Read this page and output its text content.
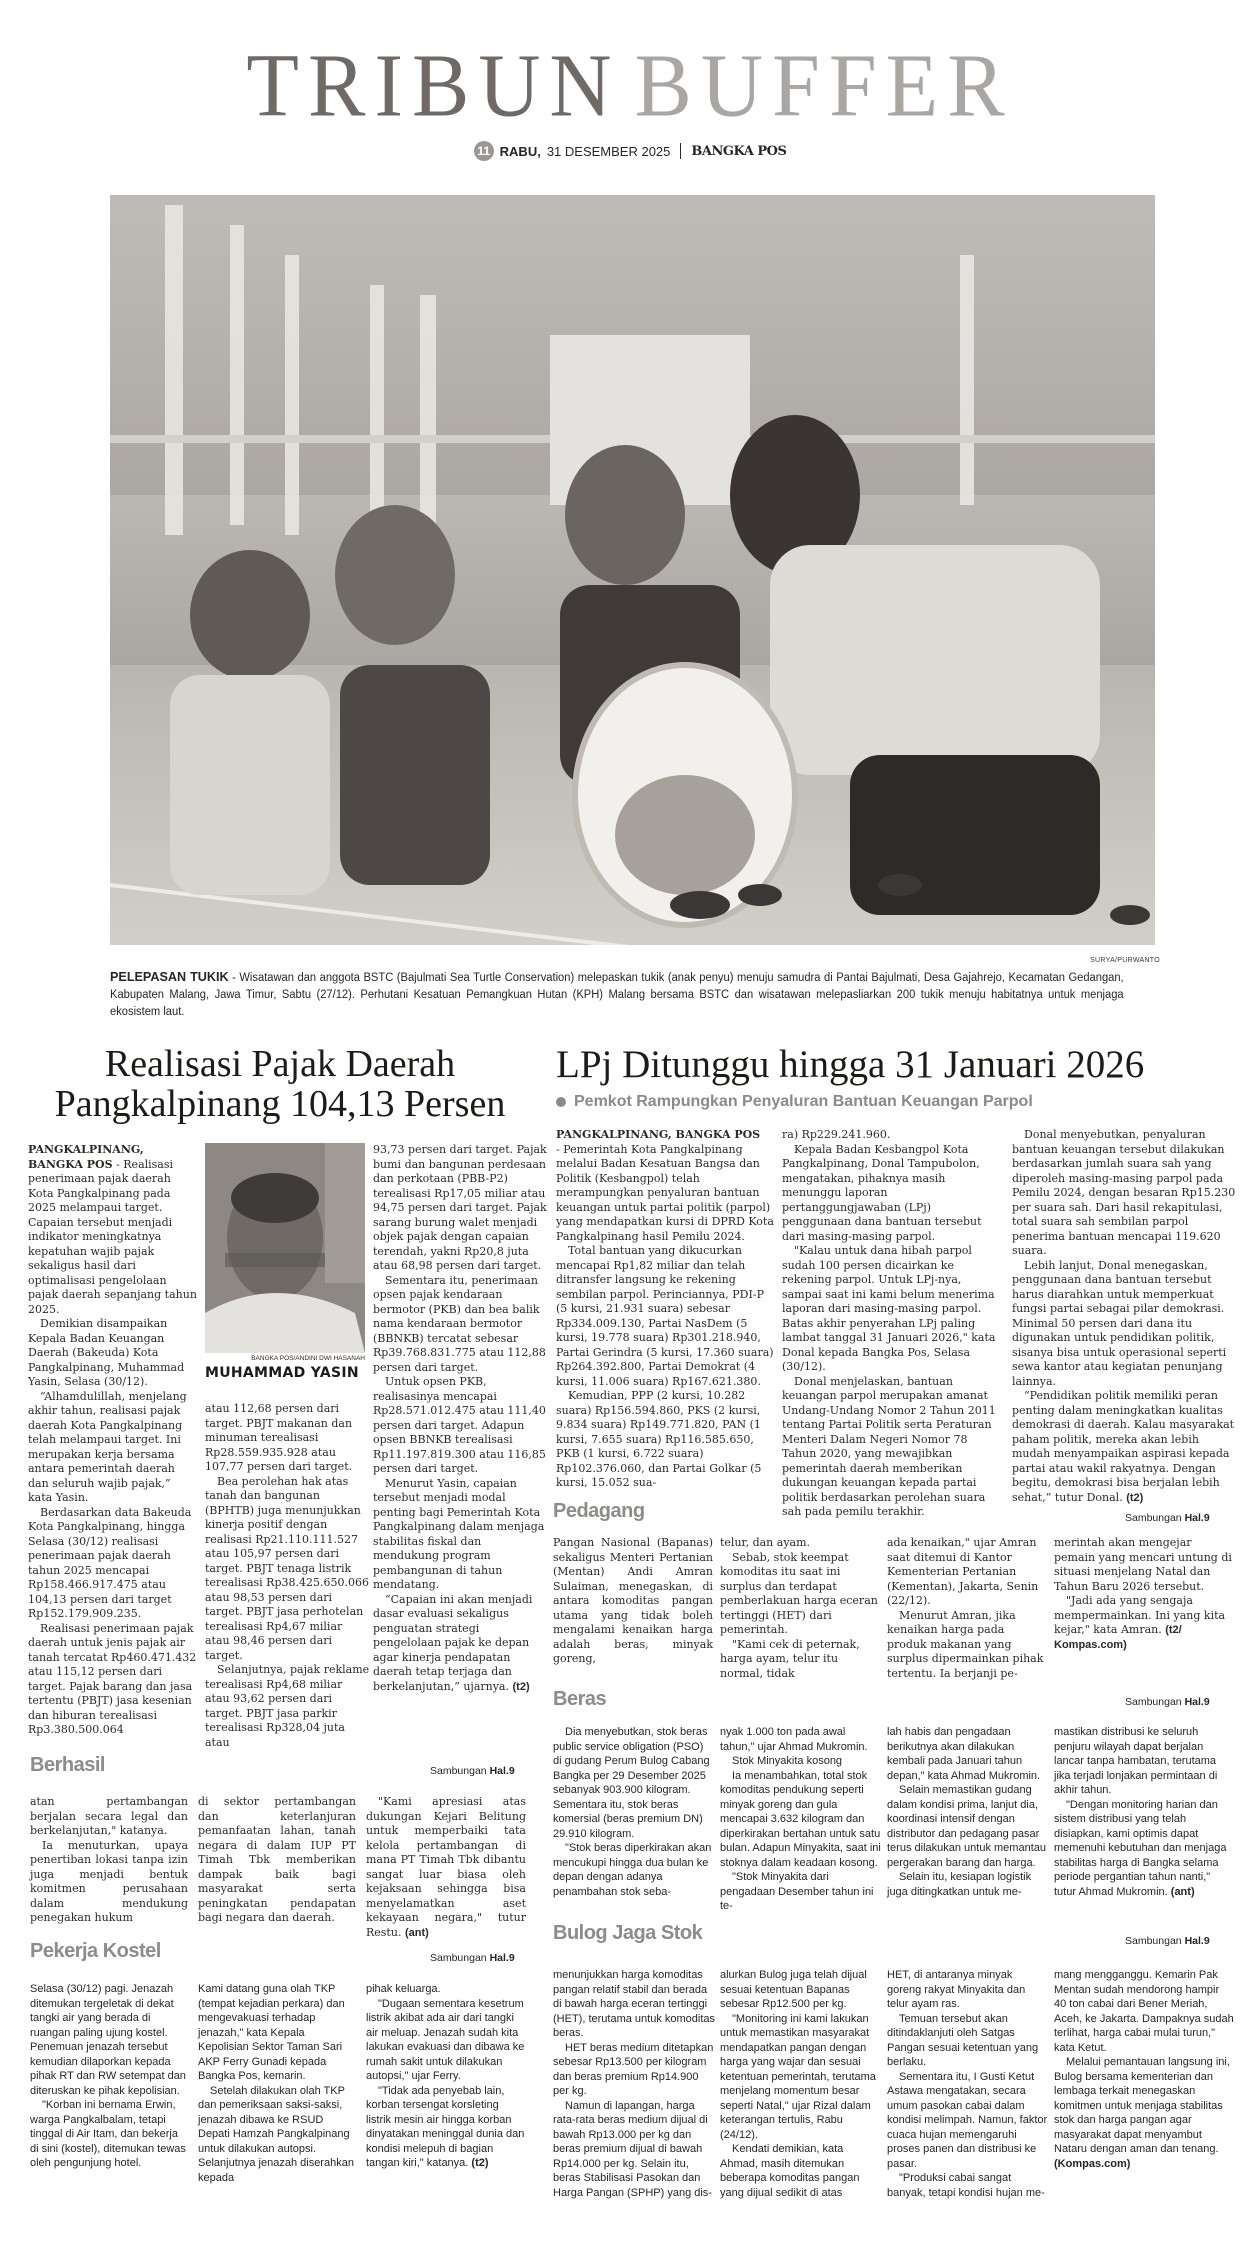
TRIBUN BUFFER
11 RABU, 31 DESEMBER 2025 BANGKA POS
SURYA/PURWANTO
PELEPASAN TUKIK - Wisatawan dan anggota BSTC (Bajulmati Sea Turtle Conservation) melepaskan tukik (anak penyu) menuju samudra di Pantai Bajulmati, Desa Gajahrejo, Kecamatan Gedangan, Kabupaten Malang, Jawa Timur, Sabtu (27/12). Perhutani Kesatuan Pemangkuan Hutan (KPH) Malang bersama BSTC dan wisatawan melepasliarkan 200 tukik menuju habitatnya untuk menjaga ekosistem laut.
Realisasi Pajak Daerah
Pangkalpinang 104,13 Persen

PANGKALPINANG, BANGKA POS - Realisasi penerimaan pajak daerah Kota Pangkalpinang pada 2025 melampaui target. Capaian tersebut menjadi indikator meningkatnya kepatuhan wajib pajak sekaligus hasil dari optimalisasi pengelolaan pajak daerah sepanjang tahun 2025.

Demikian disampaikan Kepala Badan Keuangan Daerah (Bakeuda) Kota Pangkalpinang, Muhammad Yasin, Selasa (30/12).

“Alhamdulillah, menjelang akhir tahun, realisasi pajak daerah Kota Pangkalpinang telah melampaui target. Ini merupakan kerja bersama antara pemerintah daerah dan seluruh wajib pajak,” kata Yasin.

Berdasarkan data Bakeuda Kota Pangkalpinang, hingga Selasa (30/12) realisasi penerimaan pajak daerah tahun 2025 mencapai Rp158.466.917.475 atau 104,13 persen dari target Rp152.179.909.235.

Realisasi penerimaan pajak daerah untuk jenis pajak air tanah tercatat Rp460.471.432 atau 115,12 persen dari target. Pajak barang dan jasa tertentu (PBJT) jasa kesenian dan hiburan terealisasi Rp3.380.500.064

BANGKA POS/ANDINI DWI HASANAH
MUHAMMAD YASIN

atau 112,68 persen dari target. PBJT makanan dan minuman terealisasi Rp28.559.935.928 atau 107,77 persen dari target.

Bea perolehan hak atas tanah dan bangunan (BPHTB) juga menunjukkan kinerja positif dengan realisasi Rp21.110.111.527 atau 105,97 persen dari target. PBJT tenaga listrik terealisasi Rp38.425.650.066 atau 98,53 persen dari target. PBJT jasa perhotelan terealisasi Rp4,67 miliar atau 98,46 persen dari target.

Selanjutnya, pajak reklame terealisasi Rp4,68 miliar atau 93,62 persen dari target. PBJT jasa parkir terealisasi Rp328,04 juta atau

93,73 persen dari target. Pajak bumi dan bangunan perdesaan dan perkotaan (PBB-P2) terealisasi Rp17,05 miliar atau 94,75 persen dari target. Pajak sarang burung walet menjadi objek pajak dengan capaian terendah, yakni Rp20,8 juta atau 68,98 persen dari target.

Sementara itu, penerimaan opsen pajak kendaraan bermotor (PKB) dan bea balik nama kendaraan bermotor (BBNKB) tercatat sebesar Rp39.768.831.775 atau 112,88 persen dari target.

Untuk opsen PKB, realisasinya mencapai Rp28.571.012.475 atau 111,40 persen dari target. Adapun opsen BBNKB terealisasi Rp11.197.819.300 atau 116,85 persen dari target.

Menurut Yasin, capaian tersebut menjadi modal penting bagi Pemerintah Kota Pangkalpinang dalam menjaga stabilitas fiskal dan mendukung program pembangunan di tahun mendatang.

“Capaian ini akan menjadi dasar evaluasi sekaligus penguatan strategi pengelolaan pajak ke depan agar kinerja pendapatan daerah tetap terjaga dan berkelanjutan,” ujarnya. (t2)

LPj Ditunggu hingga 31 Januari 2026
Pemkot Rampungkan Penyaluran Bantuan Keuangan Parpol

PANGKALPINANG, BANGKA POS
- Pemerintah Kota Pangkalpinang melalui Badan Kesatuan Bangsa dan Politik (Kesbangpol) telah merampungkan penyaluran bantuan keuangan untuk partai politik (parpol) yang mendapatkan kursi di DPRD Kota Pangkalpinang hasil Pemilu 2024.

Total bantuan yang dikucurkan mencapai Rp1,82 miliar dan telah ditransfer langsung ke rekening sembilan parpol. Perinciannya, PDI-P (5 kursi, 21.931 suara) sebesar Rp334.009.130, Partai NasDem (5 kursi, 19.778 suara) Rp301.218.940, Partai Gerindra (5 kursi, 17.360 suara) Rp264.392.800, Partai Demokrat (4 kursi, 11.006 suara) Rp167.621.380.

Kemudian, PPP (2 kursi, 10.282 suara) Rp156.594.860, PKS (2 kursi, 9.834 suara) Rp149.771.820, PAN (1 kursi, 7.655 suara) Rp116.585.650, PKB (1 kursi, 6.722 suara) Rp102.376.060, dan Partai Golkar (5 kursi, 15.052 sua-

ra) Rp229.241.960.

Kepala Badan Kesbangpol Kota Pangkalpinang, Donal Tampubolon, mengatakan, pihaknya masih menunggu laporan pertanggungjawaban (LPj) penggunaan dana bantuan tersebut dari masing-masing parpol.

"Kalau untuk dana hibah parpol sudah 100 persen dicairkan ke rekening parpol. Untuk LPj-nya, sampai saat ini kami belum menerima laporan dari masing-masing parpol. Batas akhir penyerahan LPj paling lambat tanggal 31 Januari 2026," kata Donal kepada Bangka Pos, Selasa (30/12).

Donal menjelaskan, bantuan keuangan parpol merupakan amanat Undang-Undang Nomor 2 Tahun 2011 tentang Partai Politik serta Peraturan Menteri Dalam Negeri Nomor 78 Tahun 2020, yang mewajibkan pemerintah daerah memberikan dukungan keuangan kepada partai politik berdasarkan perolehan suara sah pada pemilu terakhir.

Donal menyebutkan, penyaluran bantuan keuangan tersebut dilakukan berdasarkan jumlah suara sah yang diperoleh masing-masing parpol pada Pemilu 2024, dengan besaran Rp15.230 per suara sah. Dari hasil rekapitulasi, total suara sah sembilan parpol penerima bantuan mencapai 119.620 suara.

Lebih lanjut, Donal menegaskan, penggunaan dana bantuan tersebut harus diarahkan untuk memperkuat fungsi partai sebagai pilar demokrasi. Minimal 50 persen dari dana itu digunakan untuk pendidikan politik, sisanya bisa untuk operasional seperti sewa kantor atau kegiatan penunjang lainnya.

“Pendidikan politik memiliki peran penting dalam meningkatkan kualitas demokrasi di daerah. Kalau masyarakat paham politik, mereka akan lebih mudah menyampaikan aspirasi kepada partai atau wakil rakyatnya. Dengan begitu, demokrasi bisa berjalan lebih sehat,” tutur Donal. (t2)

Pedagang	Sambungan Hal.9

Pangan Nasional (Bapanas) sekaligus Menteri Pertanian (Mentan) Andi Amran Sulaiman, menegaskan, di antara komoditas pangan utama yang tidak boleh mengalami kenaikan harga adalah beras, minyak goreng,

telur, dan ayam.

Sebab, stok keempat komoditas itu saat ini surplus dan terdapat pemberlakuan harga eceran tertinggi (HET) dari pemerintah.

"Kami cek di peternak, harga ayam, telur itu normal, tidak

ada kenaikan," ujar Amran saat ditemui di Kantor Kementerian Pertanian (Kementan), Jakarta, Senin (22/12).

Menurut Amran, jika kenaikan harga pada produk makanan yang surplus dipermainkan pihak tertentu. Ia berjanji pe-

merintah akan mengejar pemain yang mencari untung di situasi menjelang Natal dan Tahun Baru 2026 tersebut.

"Jadi ada yang sengaja mempermainkan. Ini yang kita kejar," kata Amran. (t2/ Kompas.com)

Beras	Sambungan Hal.9

Dia menyebutkan, stok beras public service obligation (PSO) di gudang Perum Bulog Cabang Bangka per 29 Desember 2025 sebanyak 903.900 kilogram. Sementara itu, stok beras komersial (beras premium DN) 29.910 kilogram.

"Stok beras diperkirakan akan mencukupi hingga dua bulan ke depan dengan adanya penambahan stok seba-

nyak 1.000 ton pada awal tahun," ujar Ahmad Mukromin.

Stok Minyakita kosong

Ia menambahkan, total stok komoditas pendukung seperti minyak goreng dan gula mencapai 3.632 kilogram dan diperkirakan bertahan untuk satu bulan. Adapun Minyakita, saat ini stoknya dalam keadaan kosong.

"Stok Minyakita dari pengadaan Desember tahun ini te-

lah habis dan pengadaan berikutnya akan dilakukan kembali pada Januari tahun depan," kata Ahmad Mukromin.

Selain memastikan gudang dalam kondisi prima, lanjut dia, koordinasi intensif dengan distributor dan pedagang pasar terus dilakukan untuk memantau pergerakan barang dan harga.

Selain itu, kesiapan logistik juga ditingkatkan untuk me-

mastikan distribusi ke seluruh penjuru wilayah dapat berjalan lancar tanpa hambatan, terutama jika terjadi lonjakan permintaan di akhir tahun.

"Dengan monitoring harian dan sistem distribusi yang telah disiapkan, kami optimis dapat memenuhi kebutuhan dan menjaga stabilitas harga di Bangka selama periode pergantian tahun nanti," tutur Ahmad Mukromin. (ant)

Berhasil	Sambungan Hal.9

atan pertambangan berjalan secara legal dan berkelanjutan," katanya.

Ia menuturkan, upaya penertiban lokasi tanpa izin juga menjadi bentuk komitmen perusahaan dalam mendukung penegakan hukum

di sektor pertambangan dan keterlanjuran pemanfaatan lahan, tanah negara di dalam IUP PT Timah Tbk memberikan dampak baik bagi masyarakat serta peningkatan pendapatan bagi negara dan daerah.

"Kami apresiasi atas dukungan Kejari Belitung untuk memperbaiki tata kelola pertambangan di mana PT Timah Tbk dibantu sangat luar biasa oleh kejaksaan sehingga bisa menyelamatkan aset kekayaan negara," tutur Restu. (ant)

Pekerja Kostel	Sambungan Hal.9

Selasa (30/12) pagi. Jenazah ditemukan tergeletak di dekat tangki air yang berada di ruangan paling ujung kostel. Penemuan jenazah tersebut kemudian dilaporkan kepada pihak RT dan RW setempat dan diteruskan ke pihak kepolisian.

"Korban ini bernama Erwin, warga Pangkalbalam, tetapi tinggal di Air Itam, dan bekerja di sini (kostel), ditemukan tewas oleh pengunjung hotel.

Kami datang guna olah TKP (tempat kejadian perkara) dan mengevakuasi terhadap jenazah," kata Kepala Kepolisian Sektor Taman Sari AKP Ferry Gunadi kepada Bangka Pos, kemarin.

Setelah dilakukan olah TKP dan pemeriksaan saksi-saksi, jenazah dibawa ke RSUD Depati Hamzah Pangkalpinang untuk dilakukan autopsi. Selanjutnya jenazah diserahkan kepada

pihak keluarga.

"Dugaan sementara kesetrum listrik akibat ada air dari tangki air meluap. Jenazah sudah kita lakukan evakuasi dan dibawa ke rumah sakit untuk dilakukan autopsi," ujar Ferry.

"Tidak ada penyebab lain, korban tersengat korsleting listrik mesin air hingga korban dinyatakan meninggal dunia dan kondisi melepuh di bagian tangan kiri," katanya. (t2)

Bulog Jaga Stok	Sambungan Hal.9

menunjukkan harga komoditas pangan relatif stabil dan berada di bawah harga eceran tertinggi (HET), terutama untuk komoditas beras.

HET beras medium ditetapkan sebesar Rp13.500 per kilogram dan beras premium Rp14.900 per kg.

Namun di lapangan, harga rata-rata beras medium dijual di bawah Rp13.000 per kg dan beras premium dijual di bawah Rp14.000 per kg. Selain itu, beras Stabilisasi Pasokan dan Harga Pangan (SPHP) yang dis-

alurkan Bulog juga telah dijual sesuai ketentuan Bapanas sebesar Rp12.500 per kg.

"Monitoring ini kami lakukan untuk memastikan masyarakat mendapatkan pangan dengan harga yang wajar dan sesuai ketentuan pemerintah, terutama menjelang momentum besar seperti Natal," ujar Rizal dalam keterangan tertulis, Rabu (24/12).

Kendati demikian, kata Ahmad, masih ditemukan beberapa komoditas pangan yang dijual sedikit di atas

HET, di antaranya minyak goreng rakyat Minyakita dan telur ayam ras.

Temuan tersebut akan ditindaklanjuti oleh Satgas Pangan sesuai ketentuan yang berlaku.

Sementara itu, I Gusti Ketut Astawa mengatakan, secara umum pasokan cabai dalam kondisi melimpah. Namun, faktor cuaca hujan memengaruhi proses panen dan distribusi ke pasar.

"Produksi cabai sangat banyak, tetapi kondisi hujan me-

mang mengganggu. Kemarin Pak Mentan sudah mendorong hampir 40 ton cabai dari Bener Meriah, Aceh, ke Jakarta. Dampaknya sudah terlihat, harga cabai mulai turun," kata Ketut.

Melalui pemantauan langsung ini, Bulog bersama kementerian dan lembaga terkait menegaskan komitmen untuk menjaga stabilitas stok dan harga pangan agar masyarakat dapat menyambut Nataru dengan aman dan tenang. (Kompas.com)
